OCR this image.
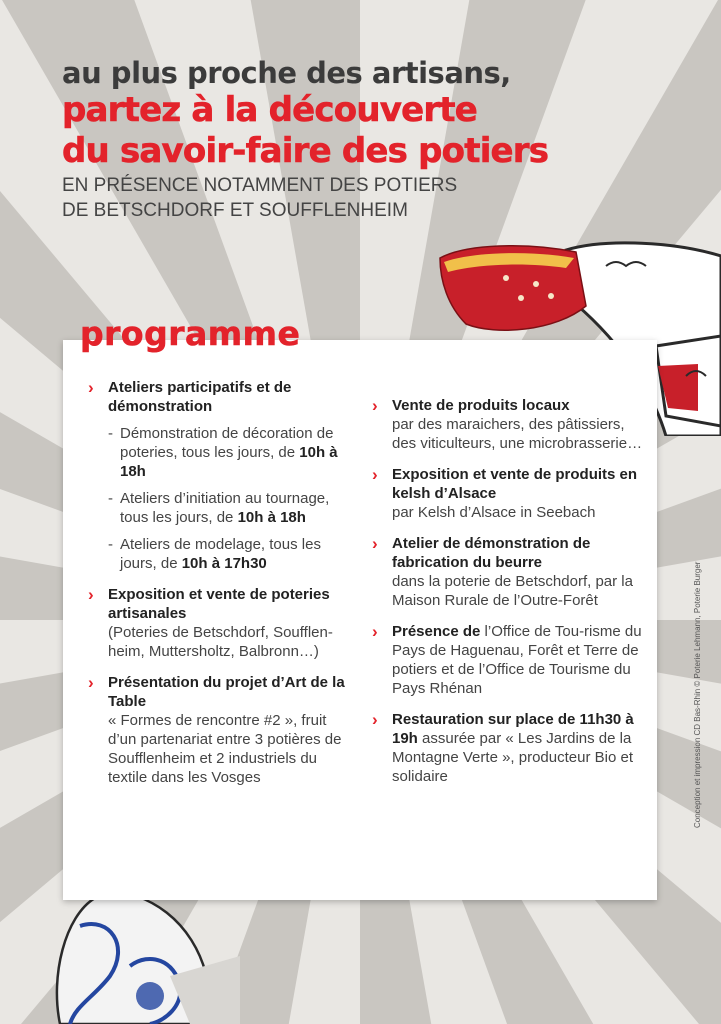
au plus proche des artisans,
partez à la découverte
du savoir-faire des potiers
EN PRÉSENCE NOTAMMENT DES POTIERS
DE BETSCHDORF ET SOUFFLENHEIM
programme
› Ateliers participatifs et de démonstration
- Démonstration de décoration de poteries, tous les jours, de 10h à 18h
- Ateliers d’initiation au tournage, tous les jours, de 10h à 18h
- Ateliers de modelage, tous les jours, de 10h à 17h30
› Exposition et vente de poteries artisanales
(Poteries de Betschdorf, Soufflen-heim, Muttersholtz, Balbronn…)
› Présentation du projet d’Art de la Table
« Formes de rencontre #2 », fruit d’un partenariat entre 3 potières de Soufflenheim et 2 industriels du textile dans les Vosges
› Vente de produits locaux
par des maraichers, des pâtissiers, des viticulteurs, une microbrasserie…
› Exposition et vente de produits en kelsh d’Alsace
par Kelsh d’Alsace in Seebach
› Atelier de démonstration de fabrication du beurre
dans la poterie de Betschdorf, par la Maison Rurale de l’Outre-Forêt
› Présence de l’Office de Tou-risme du Pays de Haguenau, Forêt et Terre de potiers et de l’Office de Tourisme du Pays Rhénan
› Restauration sur place de 11h30 à 19h assurée par « Les Jardins de la Montagne Verte », producteur Bio et solidaire	Conception et impression CD Bas-Rhin © Poterie Lehmann, Poterie Burger
